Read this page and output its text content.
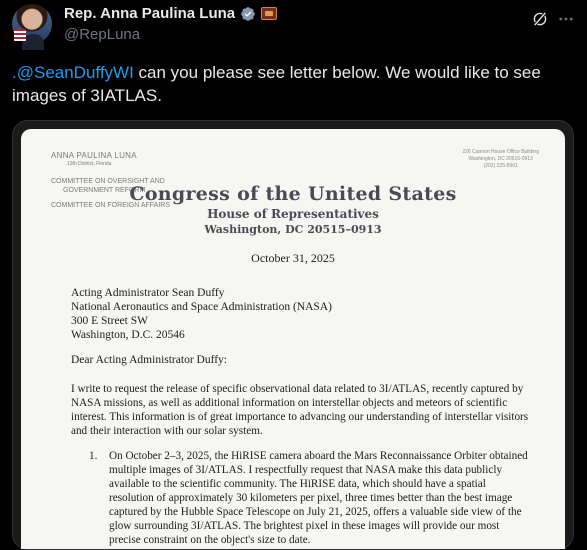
Rep. Anna Paulina Luna
@RepLuna
.@SeanDuffyWI can you please see letter below. We would like to see images of 3IATLAS.
ANNA PAULINA LUNA
13th District, Florida
COMMITTEE ON OVERSIGHT AND
GOVERNMENT REFORM
COMMITTEE ON FOREIGN AFFAIRS
226 Cannon House Office Building
Washington, DC 20515-0913
(202) 225-5961
Congress of the United States
House of Representatives
Washington, DC 20515–0913
October 31, 2025
Acting Administrator Sean Duffy
National Aeronautics and Space Administration (NASA)
300 E Street SW
Washington, D.C. 20546
Dear Acting Administrator Duffy:
I write to request the release of specific observational data related to 3I/ATLAS, recently captured by NASA missions, as well as additional information on interstellar objects and meteors of scientific interest. This information is of great importance to advancing our understanding of interstellar visitors and their interaction with our solar system.
1.	On October 2–3, 2025, the HiRISE camera aboard the Mars Reconnaissance Orbiter obtained multiple images of 3I/ATLAS. I respectfully request that NASA make this data publicly available to the scientific community. The HiRISE data, which should have a spatial resolution of approximately 30 kilometers per pixel, three times better than the best image captured by the Hubble Space Telescope on July 21, 2025, offers a valuable side view of the glow surrounding 3I/ATLAS. The brightest pixel in these images will provide our most precise constraint on the object's size to date.
